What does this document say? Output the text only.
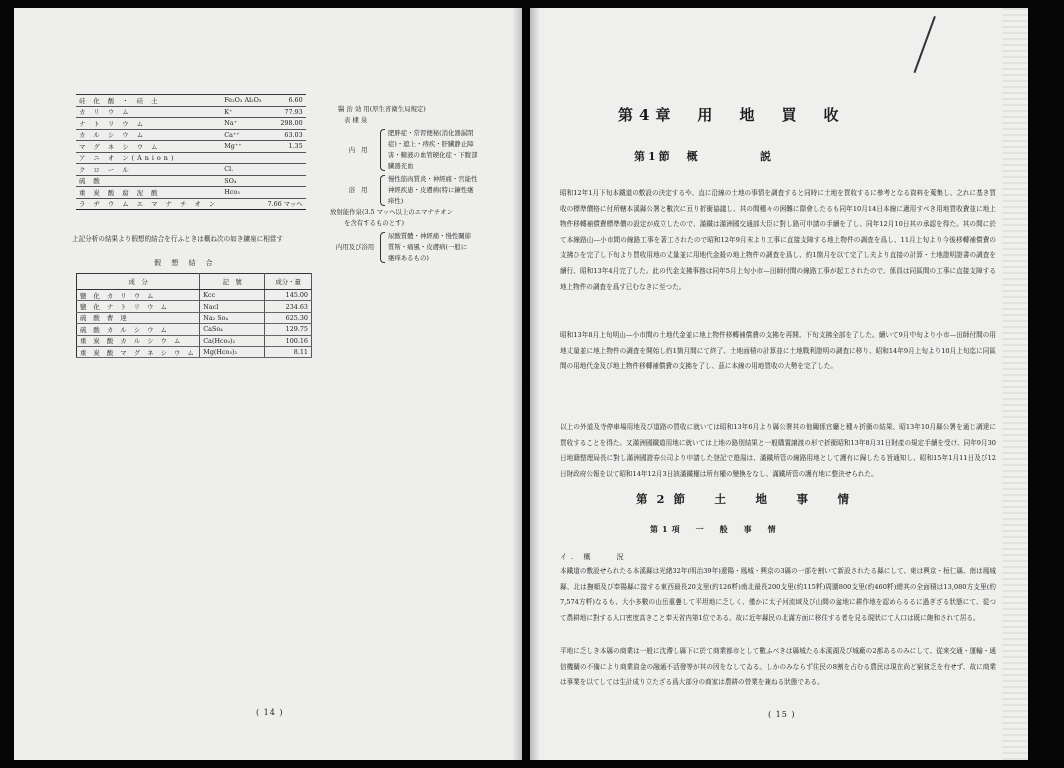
硅 化 酸 ・ 硅 土	Fe₂O₃ Al₂O₃	6.60
カ リ ウ ム	K⁺	77.93
ナ ト リ ウ ム	Na⁺	298.00
カ ル シ ウ ム	Ca⁺⁺	63.03
マ グ ネ シ ウ ム	Mg⁺⁺	1.35
ア ニ オ ン(Anion)		
ク ロ ー ル	Cl.	
硫 酸	SO₄	
重 炭 酸 腐 泥 酸	Hco₃	
ラ ヂ ウ ム エ マ ナ チ オ ン		7.66 マッヘ
上記分析の結果より假想的結合を行ふときは概ね次の如き鑛泉に相當す
假 想 結 合
成　分	記　號	成分・量
鹽 化 カ リ ウ ム	Kcc	145.00
鹽 化 ナ ト リ ウ ム	Nacl	234.63
硫 酸 曹 達	Na₂ So₄	625.30
硫 酸 カ ル シ ウ ム	CaSo₄	129.75
重 炭 酸 カ ル シ ウ ム	Ca(Hco₃)₂	100.16
重 炭 酸 マ グ ネ シ ウ ム	Mg(Hco₃)₂	8.11
醫 治 効 用(厚生省衛生局規定)
表 棣 泉
内 用
肥胖症・常習便秘(消化器漏閉
症)・遮上・痔疾・肝臓静止障
害・糖液の血管硬化症・下腹部
臓器充血
浴 用
慢性筋肉質炎・神經痛・官能性
神經疾患・皮膚病(特に鑛性瘙
痒性)
放射能作泉(3.5 マッヘ以上のエマナチオン
を含有するものとす)
内用及び浴用
尿酸質體・神經痛・慢性關節
質斯・痛風・皮膚病(一般に
瘙痒あるもの)
( 14 )
第4章　用　地　買　收
第1節　概	説
昭和12年1月下旬本鐵道の敷設の決定するや、直に沿線の土地の事情を調査すると同時に土地を買收するに參考となる資料を蒐集し、之れに基き買收の標準價格に付所轄本溪縣公署と數次に亘り折衝協議し、其の間種々の困難に際會したるも同年10月14日本線に適用すべき用地買收費並に地上物件移轉補償費標準價の設定が成立したので、滿鐵は滿洲國交通部大臣に對し路可申請の手續を了し、同年12月10日其の承認を得た。其の間に於て本線路山—小市間の線路工事を著工されたので昭和12年9月末より工事に直接支障する地上物件の調査を爲し、11月上旬より今後移轉補償費の支拂ひを完了し下旬より買收用地の丈量並に用地代金殺の地上物件の調査を爲し、約1箇月を以て完了し夫より直接の計算・土地證明證書の調査を續行、昭和13年4月完了した。此の代金支拂事務は同年5月上旬小市—田師付間の線路工事が起工されたので、係員は同區間の工事に直接支障する地上物件の調査を爲す已むなきに至つた。
昭和13年8月上旬明山—小市間の土地代金並に地上物件移轉補償費の支拂を再開、下旬支拂全部を了した。續いて9月中旬より小市—田師付間の用地丈量並に地上物件の調査を開始し約1箇月間にて終了、土地面積の計算並に土地戰利證明の調査に移り、昭和14年9月上旬より10月上旬迄に同區間の用地代金及び地上物件移轉補償費の支拂を了し、茲に本線の用地買收の大勢を完了した。
以上の外道及寺停車場用地及び道路の買收に就いては昭和13年6月より縣公署其の他關係官廳と種々折衝の結果、昭13年10月縣公署を通じ調達に買收することを得た。又滿洲國鐵道用地に就いては上地の路別結果と一般購置譲渡の形で折衝昭和13年8月31日財產の規定手續を受け、同年9月30日地籍整理局長に對し滿洲國證券公司より申請した登記で遊湯は、滿鐵所管の線路用地として護有に歸したる旨通知し、昭和15年1月11日及び12日財政府公報を以て昭和14年12月3日該滿鐵權は所有權の變換をなし、滿鐵所管の護有地に整決せられた。
第2節　土　地　事　情
第1項　一　般　事　情
イ. 概　　況
本鐵道の敷設せられたる本溪縣は光緒32年(明治39年)遼陽・鳳城・興京の3縣の一部を割いて新設されたる縣にして、東は興京・桓仁縣、南は鳳城縣、北は撫順及び奉陽縣に接する東西最長20支里(約126粁)南北最長200支里(約115粁)周圍800支里(約460粁)總其の全面積は13,080方支里(約7,574方粁)なるも、大小多數の山岳重疊して平坦地に乏しく、僅かに太子河流域及び山間の盆地に耕作地を認めらるるに過ぎざる狀態にて、從つて農耕地に對する人口密度高きこと奉天省内第1位である。故に近年縣民の北滿方面に移住する者を見る現狀にて人口は既に飽和されて居る。
平地に乏しき本縣の商業は一般に沈滯し縣下に於て商業都市として數ふべきは縣城たる本溪湖及び城廠の2都あるのみにして、從來交通・運輸・通信機關の不備により商業資金の融通不活發等が其の因をなしてゐる。しかのみならず住民の8割を占むる農民は現在尚ど窮貧乏を有せず、故に商業は事業を以てしては生計成り立たざる爲大部分の商家は農耕の營業を兼ねる狀態である。
( 15 )
